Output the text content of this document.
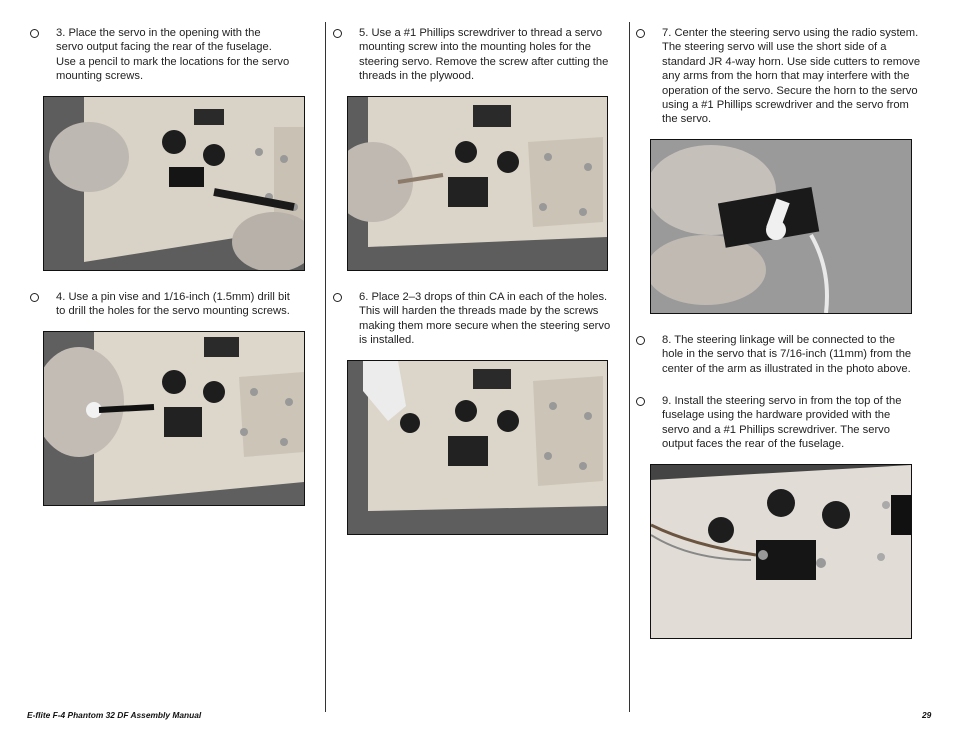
3. Place the servo in the opening with the
servo output facing the rear of the fuselage.
Use a pencil to mark the locations for the servo
mounting screws.
4. Use a pin vise and 1/16-inch (1.5mm) drill bit
to drill the holes for the servo mounting screws.
5. Use a #1 Phillips screwdriver to thread a servo
mounting screw into the mounting holes for the
steering servo. Remove the screw after cutting the
threads in the plywood.
6. Place 2–3 drops of thin CA in each of the holes.
This will harden the threads made by the screws
making them more secure when the steering servo
is installed.
7. Center the steering servo using the radio system.
The steering servo will use the short side of a
standard JR 4-way horn. Use side cutters to remove
any arms from the horn that may interfere with the
operation of the servo. Secure the horn to the servo
using a #1 Phillips screwdriver and the servo from
the servo.
8. The steering linkage will be connected to the
hole in the servo that is 7/16-inch (11mm) from the
center of the arm as illustrated in the photo above.
9. Install the steering servo in from the top of the
fuselage using the hardware provided with the
servo and a #1 Phillips screwdriver. The servo
output faces the rear of the fuselage.
E-flite F-4 Phantom 32 DF Assembly Manual	29
